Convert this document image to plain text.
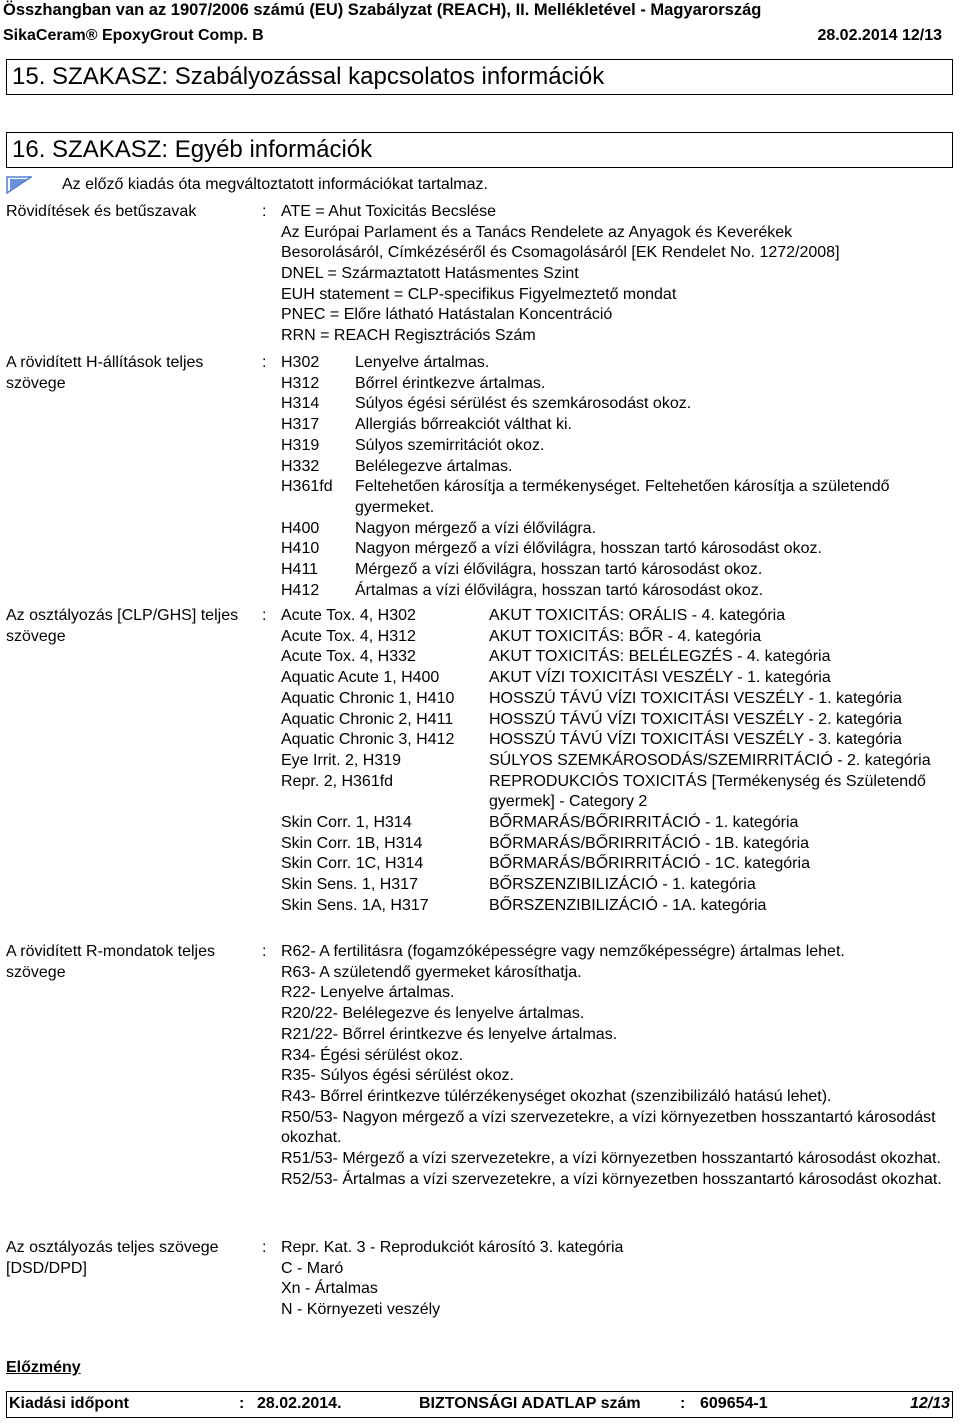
Összhangban van az 1907/2006 számú (EU) Szabályzat (REACH), II. Mellékletével - Magyarország
SikaCeram® EpoxyGrout Comp. B	28.02.2014 12/13
15. SZAKASZ: Szabályozással kapcsolatos információk
16. SZAKASZ: Egyéb információk
Az előző kiadás óta megváltoztatott információkat tartalmaz.
Rövidítések és betűszavak	: ATE = Ahut Toxicitás Becslése
Az Európai Parlament és a Tanács Rendelete az Anyagok és Keverékek
Besorolásáról, Címkézéséről és Csomagolásáról [EK Rendelet No. 1272/2008]
DNEL = Származtatott Hatásmentes Szint
EUH statement = CLP-specifikus Figyelmeztető mondat
PNEC = Előre látható Hatástalan Koncentráció
RRN = REACH Regisztrációs Szám
A rövidített H-állítások teljes szövege
: H302	Lenyelve ártalmas.
H312	Bőrrel érintkezve ártalmas.
H314	Súlyos égési sérülést és szemkárosodást okoz.
H317	Allergiás bőrreakciót válthat ki.
H319	Súlyos szemirritációt okoz.
H332	Belélegezve ártalmas.
H361fd	Feltehetően károsítja a termékenységet. Feltehetően károsítja a születendő gyermeket.
H400	Nagyon mérgező a vízi élővilágra.
H410	Nagyon mérgező a vízi élővilágra, hosszan tartó károsodást okoz.
H411	Mérgező a vízi élővilágra, hosszan tartó károsodást okoz.
H412	Ártalmas a vízi élővilágra, hosszan tartó károsodást okoz.
Az osztályozás [CLP/GHS] teljes szövege
: Acute Tox. 4, H302	AKUT TOXICITÁS: ORÁLIS - 4. kategória
Acute Tox. 4, H312	AKUT TOXICITÁS: BŐR - 4. kategória
Acute Tox. 4, H332	AKUT TOXICITÁS: BELÉLEGZÉS - 4. kategória
Aquatic Acute 1, H400	AKUT VÍZI TOXICITÁSI VESZÉLY - 1. kategória
Aquatic Chronic 1, H410	HOSSZÚ TÁVÚ VÍZI TOXICITÁSI VESZÉLY - 1. kategória
Aquatic Chronic 2, H411	HOSSZÚ TÁVÚ VÍZI TOXICITÁSI VESZÉLY - 2. kategória
Aquatic Chronic 3, H412	HOSSZÚ TÁVÚ VÍZI TOXICITÁSI VESZÉLY - 3. kategória
Eye Irrit. 2, H319	SÚLYOS SZEMKÁROSODÁS/SZEMIRRITÁCIÓ - 2. kategória
Repr. 2, H361fd	REPRODUKCIÓS TOXICITÁS [Termékenység és Születendő gyermek] - Category 2
Skin Corr. 1, H314	BŐRMARÁS/BŐRIRRITÁCIÓ - 1. kategória
Skin Corr. 1B, H314	BŐRMARÁS/BŐRIRRITÁCIÓ - 1B. kategória
Skin Corr. 1C, H314	BŐRMARÁS/BŐRIRRITÁCIÓ - 1C. kategória
Skin Sens. 1, H317	BŐRSZENZIBILIZÁCIÓ - 1. kategória
Skin Sens. 1A, H317	BŐRSZENZIBILIZÁCIÓ - 1A. kategória
A rövidített R-mondatok teljes szövege
: R62- A fertilitásra (fogamzóképességre vagy nemzőképességre) ártalmas lehet.
R63- A születendő gyermeket károsíthatja.
R22- Lenyelve ártalmas.
R20/22- Belélegezve és lenyelve ártalmas.
R21/22- Bőrrel érintkezve és lenyelve ártalmas.
R34- Égési sérülést okoz.
R35- Súlyos égési sérülést okoz.
R43- Bőrrel érintkezve túlérzékenységet okozhat (szenzibilizáló hatású lehet).
R50/53- Nagyon mérgező a vízi szervezetekre, a vízi környezetben hosszantartó károsodást okozhat.
R51/53- Mérgező a vízi szervezetekre, a vízi környezetben hosszantartó károsodást okozhat.
R52/53- Ártalmas a vízi szervezetekre, a vízi környezetben hosszantartó károsodást okozhat.
Az osztályozás teljes szövege [DSD/DPD]
: Repr. Kat. 3 - Reprodukciót károsító 3. kategória
C - Maró
Xn - Ártalmas
N - Környezeti veszély
Előzmény
Kiadási időpont	: 28.02.2014.	BIZTONSÁGI ADATLAP szám : 609654-1	12/13
